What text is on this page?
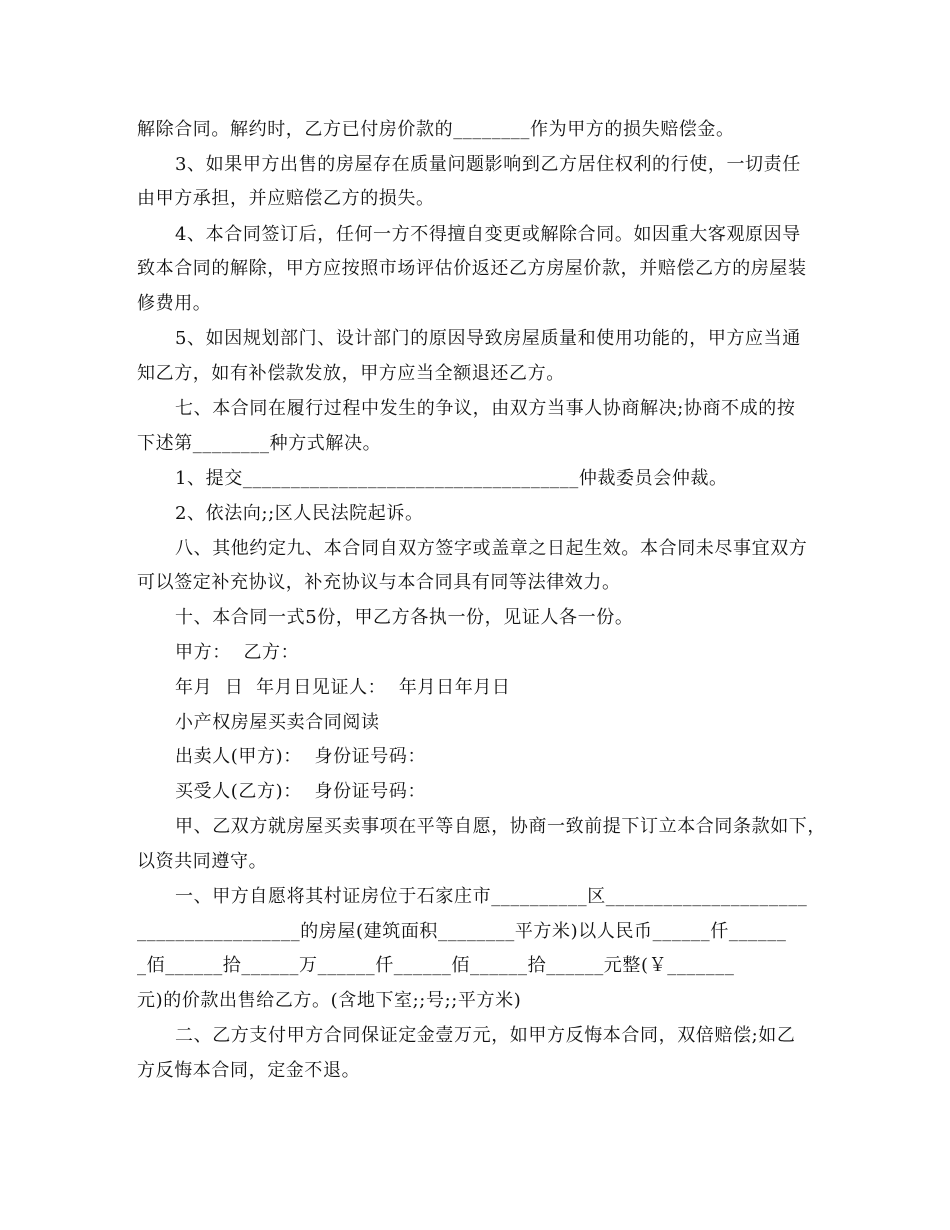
解除合同。解约时，乙方已付房价款的________作为甲方的损失赔偿金。
3、如果甲方出售的房屋存在质量问题影响到乙方居住权利的行使，一切责任
由甲方承担，并应赔偿乙方的损失。
4、本合同签订后，任何一方不得擅自变更或解除合同。如因重大客观原因导
致本合同的解除，甲方应按照市场评估价返还乙方房屋价款，并赔偿乙方的房屋装
修费用。
5、如因规划部门、设计部门的原因导致房屋质量和使用功能的，甲方应当通
知乙方，如有补偿款发放，甲方应当全额退还乙方。
七、本合同在履行过程中发生的争议，由双方当事人协商解决;协商不成的按
下述第________种方式解决。
1、提交___________________________________仲裁委员会仲裁。
2、依法向;;区人民法院起诉。
八、其他约定九、本合同自双方签字或盖章之日起生效。本合同未尽事宜双方
可以签定补充协议，补充协议与本合同具有同等法律效力。
十、本合同一式5份，甲乙方各执一份，见证人各一份。
甲方：  乙方：
年月  日  年月日见证人：  年月日年月日
小产权房屋买卖合同阅读
出卖人(甲方)：  身份证号码：
买受人(乙方)：  身份证号码：
甲、乙双方就房屋买卖事项在平等自愿，协商一致前提下订立本合同条款如下，
以资共同遵守。
一、甲方自愿将其村证房位于石家庄市__________区_____________________
_________________的房屋(建筑面积________平方米)以人民币______仟______
_佰______拾______万______仟______佰______拾______元整(￥_______
元)的价款出售给乙方。(含地下室;;号;;平方米)
二、乙方支付甲方合同保证定金壹万元，如甲方反悔本合同，双倍赔偿;如乙
方反悔本合同，定金不退。
